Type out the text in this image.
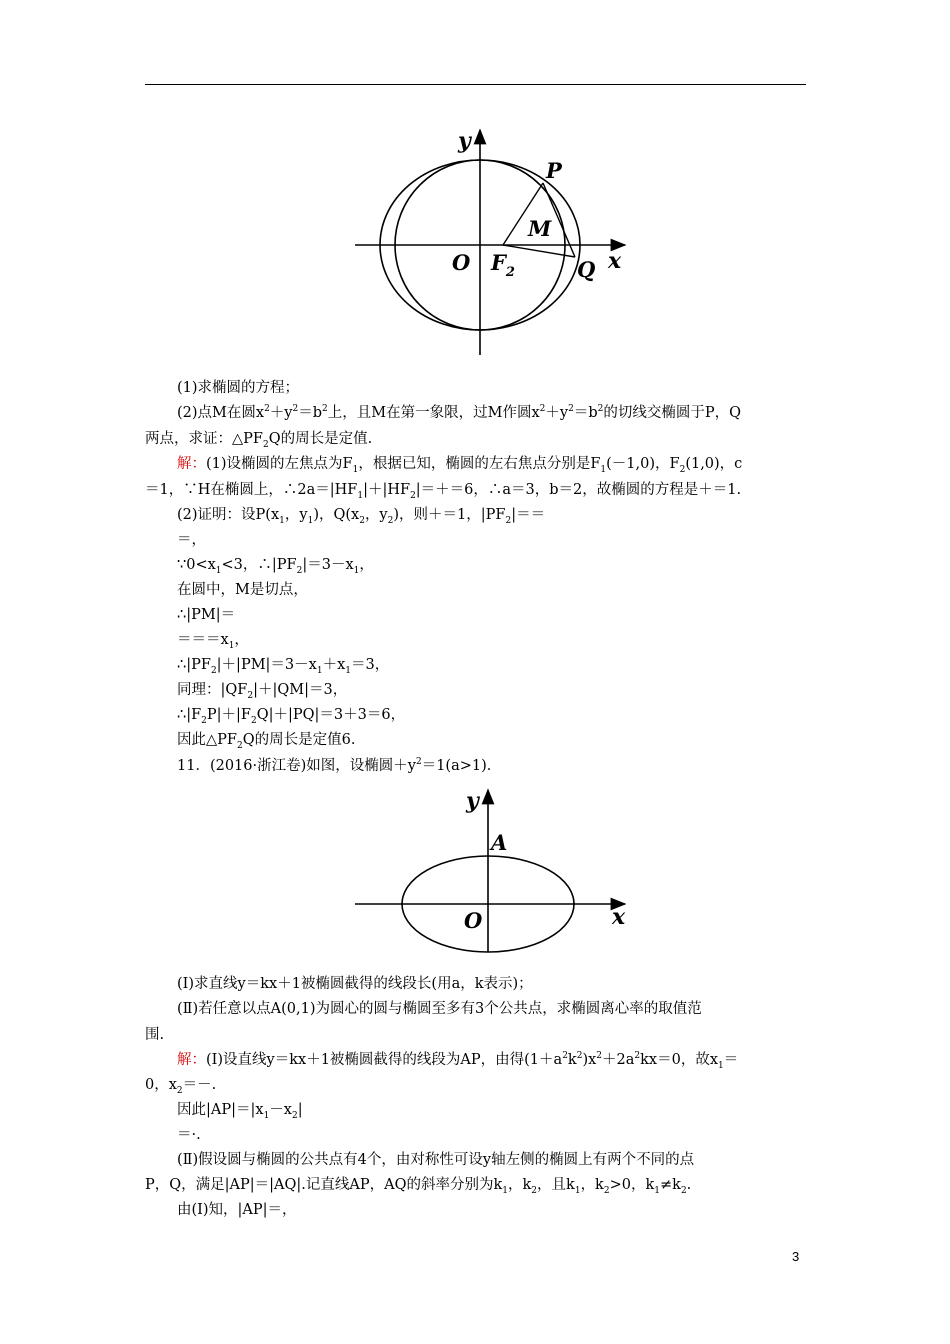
y
x
O
P
M
Q
$F_2$
(1)求椭圆的方程；
(2)点M在圆$x^2+y^2=b^2$上，且M在第一象限，过M作圆$x^2+y^2=b^2$的切线交椭圆于P，Q
两点，求证：$\triangle PF_2Q$的周长是定值.
解：(1)设椭圆的左焦点为$F_1$，根据已知，椭圆的左右焦点分别是$F_1(-1,0)$，$F_2(1,0)$，c
＝1，∵H在椭圆上，$\therefore 2a=|HF_1|+|HF_2|=+=6$，∴a＝3，b＝2，故椭圆的方程是＋＝1.
(2)证明：设$P(x_1$，$y_1$)，$Q(x_2$，$y_2$)，则＋＝1，$|PF_2|==$
＝，
$\because 0<x_1<3$，$\therefore|PF_2|=3-x_1$，
在圆中，M是切点，
∴|PM|＝
$===x_1$，
$\therefore|PF_2|+|PM|=3-x_1+x_1=3$，
同理：$|QF_2|+|QM|=3$，
$\therefore|F_2P|+|F_2Q|+|PQ|=3+3=6$，
因此$\triangle PF_2Q$的周长是定值6.
11．(2016·浙江卷)如图，设椭圆$+y^2=1(a>1)$．
y
x
O
A
(Ⅰ)求直线y＝kx＋1被椭圆截得的线段长(用a，k表示)；
(Ⅱ)若任意以点A(0,1)为圆心的圆与椭圆至多有3个公共点，求椭圆离心率的取值范
围.
解：(Ⅰ)设直线y＝kx＋1被椭圆截得的线段为AP，由得$(1+a^2k^2)x^2+2a^2kx=0$，故$x_1=$
0，$x_2=-$.
因此$|AP|=|x_1-x_2|$
＝·.
(Ⅱ)假设圆与椭圆的公共点有4个，由对称性可设y轴左侧的椭圆上有两个不同的点
P，Q，满足|AP|＝|AQ|.记直线AP，AQ的斜率分别为$k_1$，$k_2$，且$k_1$，$k_2>0$，$k_1\ne k_2$.
由(Ⅰ)知，|AP|＝，
3
